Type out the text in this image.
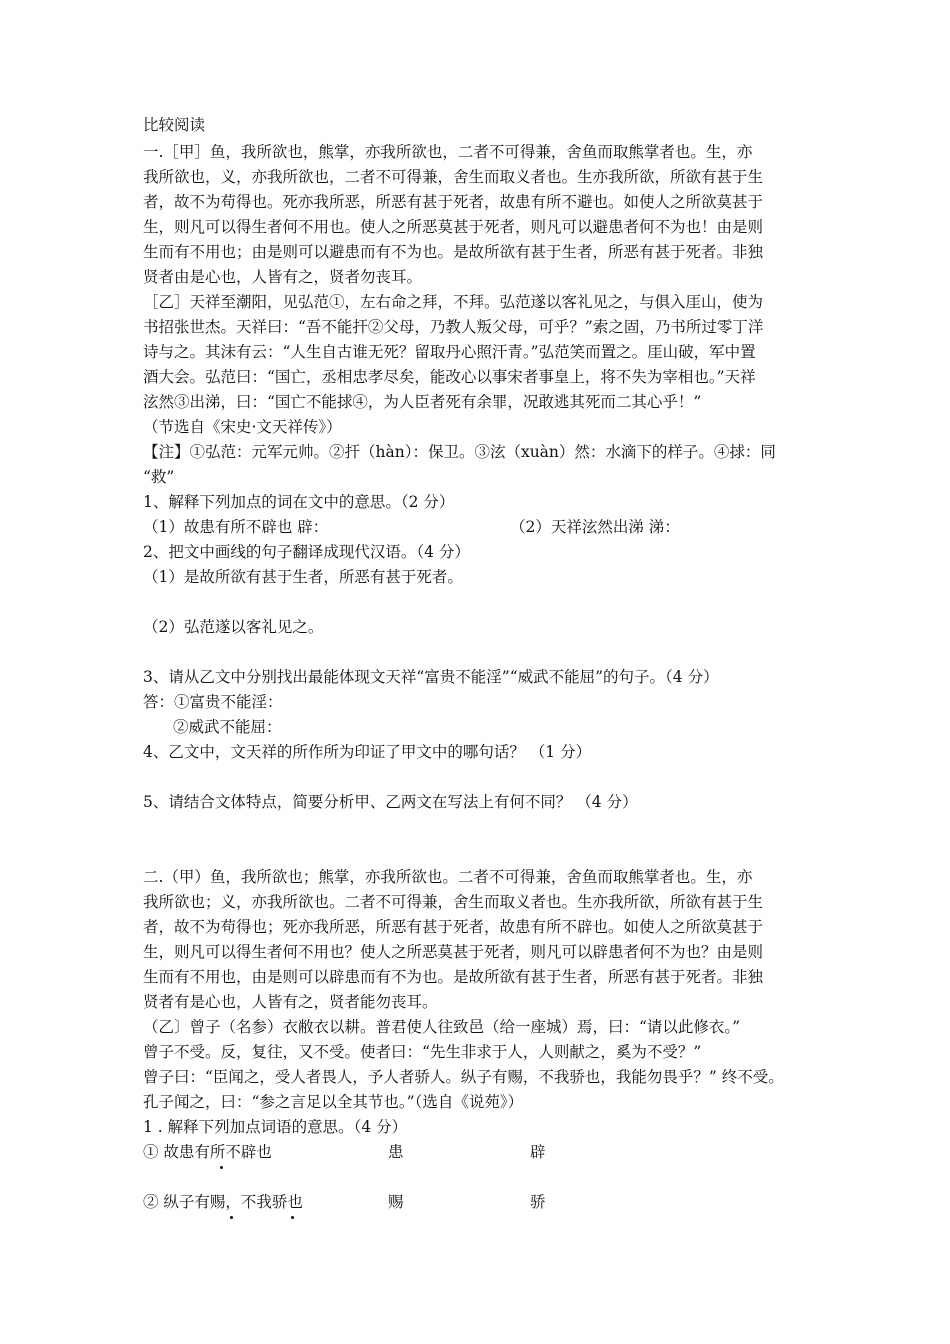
比较阅读
一.［甲］鱼，我所欲也，熊掌，亦我所欲也，二者不可得兼，舍鱼而取熊掌者也。生，亦
我所欲也，义，亦我所欲也，二者不可得兼，舍生而取义者也。生亦我所欲，所欲有甚于生
者，故不为苟得也。死亦我所恶，所恶有甚于死者，故患有所不避也。如使人之所欲莫甚于
生，则凡可以得生者何不用也。使人之所恶莫甚于死者，则凡可以避患者何不为也！由是则
生而有不用也；由是则可以避患而有不为也。是故所欲有甚于生者，所恶有甚于死者。非独
贤者由是心也，人皆有之，贤者勿丧耳。
［乙］天祥至潮阳，见弘范①，左右命之拜，不拜。弘范遂以客礼见之，与俱入厓山，使为
书招张世杰。天祥曰：“吾不能扞②父母，乃教人叛父母，可乎？”索之固，乃书所过零丁洋
诗与之。其沫有云：“人生自古谁无死？留取丹心照汗青。”弘范笑而置之。厓山破，军中置
酒大会。弘范曰：“国亡，丞相忠孝尽矣，能改心以事宋者事皇上，将不失为宰相也。”天祥
泫然③出涕，曰：“国亡不能捄④，为人臣者死有余罪，况敢逃其死而二其心乎！”
（节选自《宋史·文天祥传》）
【注】①弘范：元军元帅。②扞（hàn）：保卫。③泫（xuàn）然：水滴下的样子。④捄：同
“救”
1、解释下列加点的词在文中的意思。（2 分）
（1）故患有所不辟也 辟：	（2）天祥泫然出涕 涕：
2、把文中画线的句子翻译成现代汉语。（4 分）
（1）是故所欲有甚于生者，所恶有甚于死者。
（2）弘范遂以客礼见之。
3、请从乙文中分别找出最能体现文天祥“富贵不能淫”“威武不能屈”的句子。（4 分）
答：①富贵不能淫：
②威武不能屈：
4、乙文中，文天祥的所作所为印证了甲文中的哪句话？ （1 分）
5、请结合文体特点，简要分析甲、乙两文在写法上有何不同？ （4 分）
二.（甲）鱼，我所欲也；熊掌，亦我所欲也。二者不可得兼，舍鱼而取熊掌者也。生，亦
我所欲也；义，亦我所欲也。二者不可得兼，舍生而取义者也。生亦我所欲，所欲有甚于生
者，故不为苟得也；死亦我所恶，所恶有甚于死者，故患有所不辟也。如使人之所欲莫甚于
生，则凡可以得生者何不用也？使人之所恶莫甚于死者，则凡可以辟患者何不为也？由是则
生而有不用也，由是则可以辟患而有不为也。是故所欲有甚于生者，所恶有甚于死者。非独
贤者有是心也，人皆有之，贤者能勿丧耳。
（乙〕曾子（名参）衣敝衣以耕。普君使人往致邑（给一座城）焉，曰：“请以此修衣。”
曾子不受。反，复往，又不受。使者曰：“先生非求于人，人则献之，奚为不受？”
曾子曰：“臣闻之，受人者畏人，予人者骄人。纵子有赐，不我骄也，我能勿畏乎？” 终不受。
孔子闻之，曰：“参之言足以全其节也。”（选自《说苑》）
1 . 解释下列加点词语的意思。（4 分）
① 故患有所不辟也	患	辟
② 纵子有赐，不我骄也	赐	骄
